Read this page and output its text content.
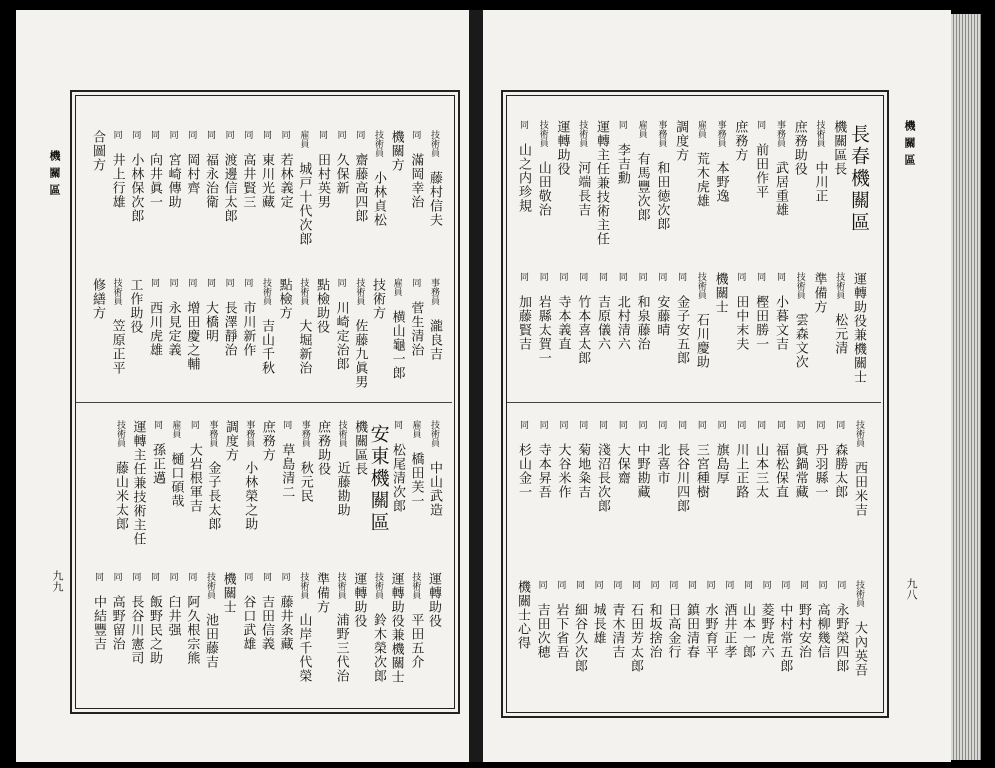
機關區
九九
技術員　藤村信夫
同　滿岡幸治
機關方
技術員　小林貞松
同　齋藤高四郎
同　久保新
同　田村英男
雇員　城戸十代次郎
同　若林義定
同　東川光藏
同　高井賢三
同　渡邊信太郎
同　福永治衛
同　岡村齊
同　宮崎傳助
同　向井眞一
同　小林保次郎
同　井上行雄
合圖方
事務員　瀧良吉
同　菅生清治
雇員　横山龜一郎
技術方
技術員　佐藤九眞男
同　川崎定治郎
點檢助役
技術員　大堀新治
點檢方
技術員　吉山千秋
同　市川新作
同　長澤靜治
同　大橋明
同　增田慶之輔
同　永見定義
同　西川虎雄
工作助役
技術員　笠原正平
修繕方
技術員　中山武造
雇員　橋田芙一
同　松尾清次郎
安東機關區
機關區長
技術員　近藤勘助
庶務助役
事務員　秋元民
同　草島清二
庶務方
事務員　小林榮之助
調度方
事務員　金子長太郎
同　大岩根軍吉
雇員　樋口碩哉
同　孫正邁
運轉主任兼技術主任
技術員　藤山米太郎
運轉助役
技術員　平田五介
運轉助役兼機關士
技術員　鈴木榮次郎
運轉助役
技術員　浦野三代治
準備方
技術員　山岸千代榮
同　藤井条藏
同　吉田信義
同　谷口武雄
機關士
技術員　池田藤吉
同　阿久根宗熊
同　臼井强
同　飯野民之助
同　長谷川憲司
同　高野留治
同　中結豐吉
機關區
九八
長春機關區
機關區長
技術員　中川正
庶務助役
事務員　武居重雄
同　前田作平
庶務方
事務員　本野逸
雇員　荒木虎雄
調度方
事務員　和田徳次郎
雇員　有馬豐次郎
同　李吉勳
運轉主任兼技術主任
技術員　河端長吉
運轉助役
技術員　山田敬治
同　山之内珍規
運轉助役兼機關士
技術員　松元清
準備方
技術員　雲森文次
同　小暮文吉
同　樫田勝一
同　田中末夫
機關士
技術員　石川慶助
同　金子安五郎
同　安藤晴
同　和泉藤治
同　北村清六
同　吉原儀六
同　竹本喜太郎
同　寺本義直
同　岩縣太賀一
同　加藤賢吉
技術員　西田米吉
同　森勝太郎
同　丹羽縣一
同　眞鍋常藏
同　福松保直
同　山本三太
同　川上正路
同　旗島厚
同　三宮種樹
同　長谷川四郎
同　北喜市
同　中野勘藏
同　大保齋
同　淺沼長次郎
同　菊地粂吉
同　大谷米作
同　寺本昇吾
同　杉山金一
技術員　大內英吾
同　永野榮四郎
同　高柳幾信
同　野村安治
同　中村常五郎
同　菱野虎六
同　山本一郎
同　酒井正孝
同　水野育平
同　鎮田清春
同　日高金行
同　和坂捨治
同　石田芳太郎
同　青木清吉
同　城長雄
同　細谷久次郎
同　岩下省吾
同　吉田次穂
機關士心得
